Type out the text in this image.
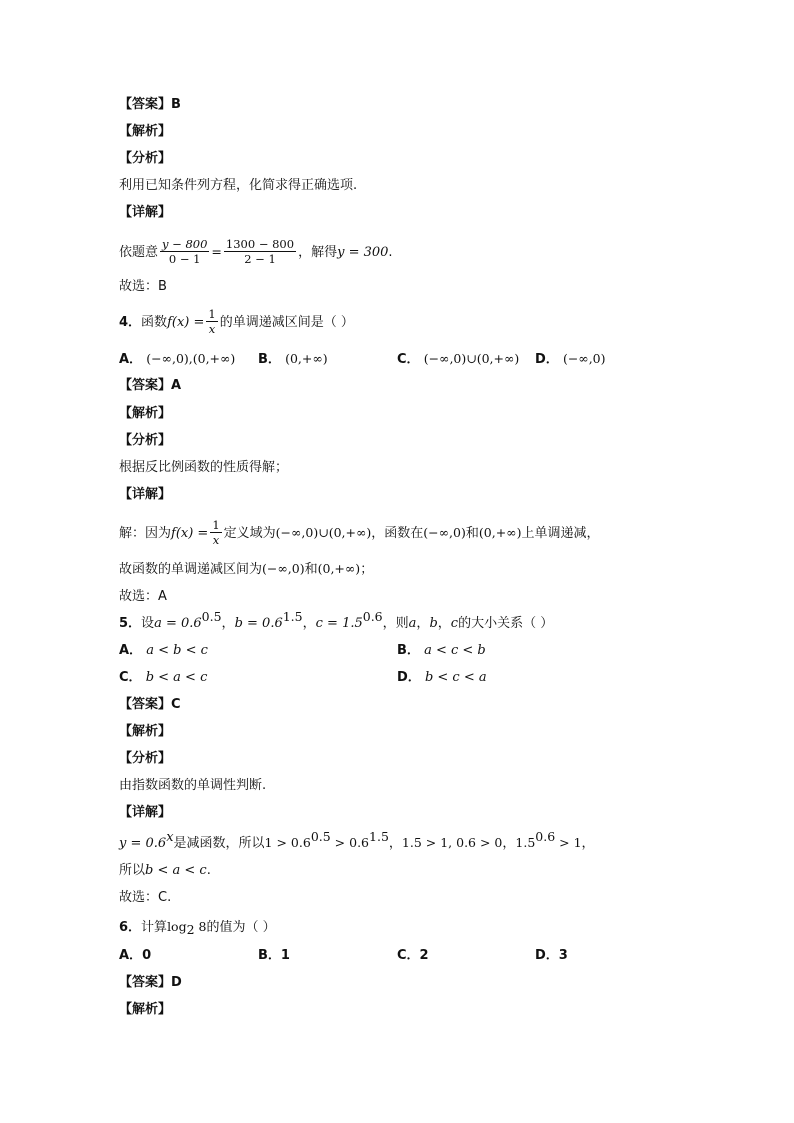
【答案】B
【解析】
【分析】
利用已知条件列方程，化简求得正确选项.
【详解】
依题意 $\frac{y - 800}{0 - 1} = \frac{1300 - 800}{2 - 1}$ ，解得y = 300.
故选：B
4．函数$f(x) = \frac{1}{x}$ 的单调递减区间是（ ）
A． (−∞,0),(0,+∞) B． (0,+∞)	C． (−∞,0)∪(0,+∞) D． (−∞,0)
【答案】A
【解析】
【分析】
根据反比例函数的性质得解；
【详解】
解：因为$f(x) = \frac{1}{x}$ 定义域为(−∞,0)∪(0,+∞)，函数在(−∞,0)和(0,+∞)上单调递减，
故函数的单调递减区间为(−∞,0)和(0,+∞)；
故选：A
5．设$a = 0.6^{0.5}$，$b = 0.6^{1.5}$，$c = 1.5^{0.6}$，则a，b，c的大小关系（ ）
A． a < b < c	B． a < c < b
C． b < a < c	D． b < c < a
【答案】C
【解析】
【分析】
由指数函数的单调性判断.
【详解】
$y = 0.6^x$是减函数，所以$1 > 0.6^{0.5} > 0.6^{1.5}$，1.5 > 1, 0.6 > 0，$1.5^{0.6} > 1$，
所以b < a < c.
故选：C.
6．计算$\log_2 8$的值为（ ）
A．0	B．1	C．2	D．3
【答案】D
【解析】
